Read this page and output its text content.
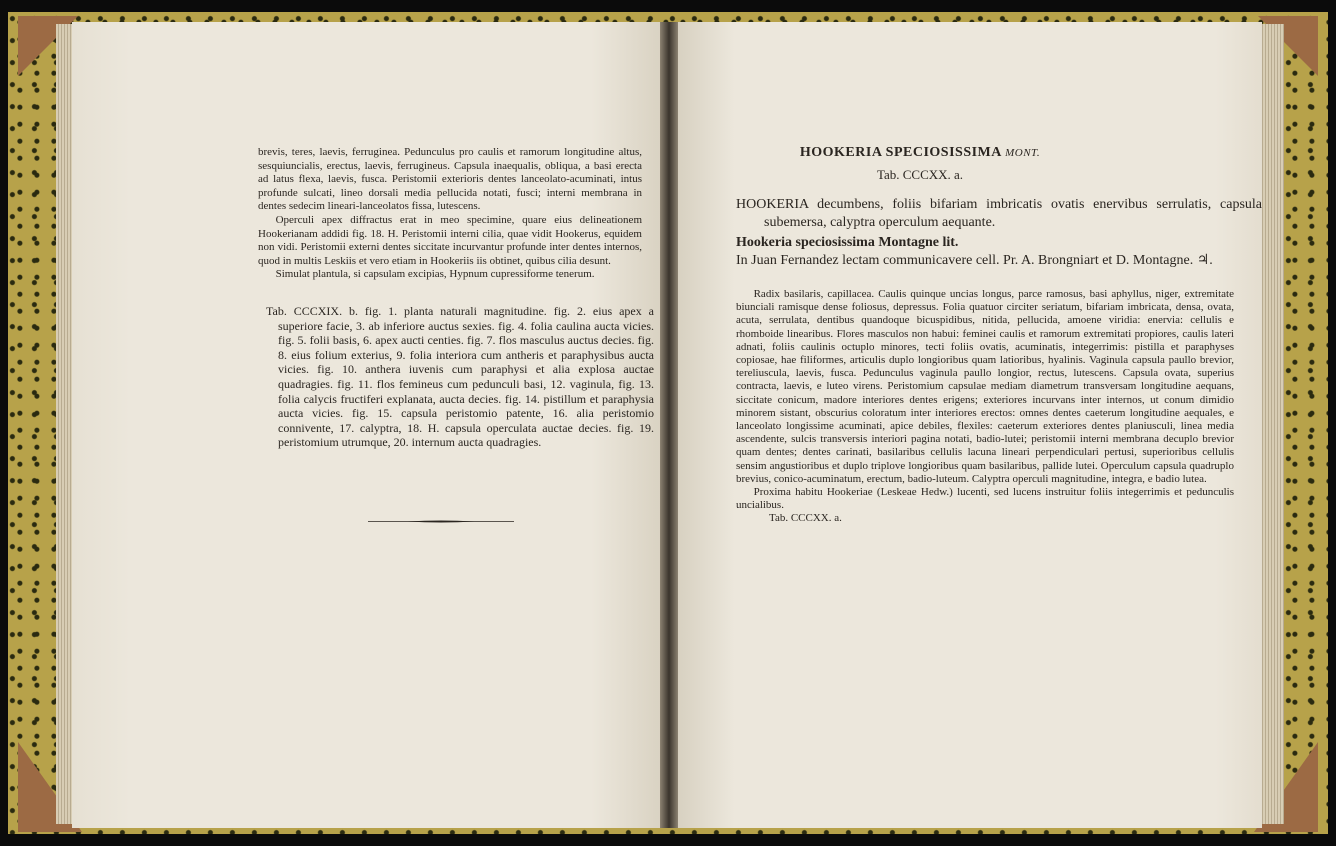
brevis, teres, laevis, ferruginea. Pedunculus pro caulis et ramorum longitudine altus, sesquiuncialis, erectus, laevis, ferrugineus. Capsula inaequalis, obliqua, a basi erecta ad latus flexa, laevis, fusca. Peristomii exterioris dentes lanceolato-acuminati, intus profunde sulcati, lineo dorsali media pellucida notati, fusci; interni membrana in dentes sedecim lineari-lanceolatos fissa, lutescens.

Operculi apex diffractus erat in meo specimine, quare eius delineationem Hookerianam addidi fig. 18. H. Peristomii interni cilia, quae vidit Hookerus, equidem non vidi. Peristomii externi dentes siccitate incurvantur profunde inter dentes internos, quod in multis Leskiis et vero etiam in Hookeriis iis obtinet, quibus cilia desunt.

Simulat plantula, si capsulam excipias, Hypnum cupressiforme tenerum.

Tab. CCCXIX. b. fig. 1. planta naturali magnitudine. fig. 2. eius apex a superiore facie, 3. ab inferiore auctus sexies. fig. 4. folia caulina aucta vicies. fig. 5. folii basis, 6. apex aucti centies. fig. 7. flos masculus auctus decies. fig. 8. eius folium exterius, 9. folia interiora cum antheris et paraphysibus aucta vicies. fig. 10. anthera iuvenis cum paraphysi et alia explosa auctae quadragies. fig. 11. flos femineus cum pedunculi basi, 12. vaginula, fig. 13. folia calycis fructiferi explanata, aucta decies. fig. 14. pistillum et paraphysia aucta vicies. fig. 15. capsula peristomio patente, 16. alia peristomio connivente, 17. calyptra, 18. H. capsula operculata auctae decies. fig. 19. peristomium utrumque, 20. internum aucta quadragies.
HOOKERIA SPECIOSISSIMA MONT.
Tab. CCCXX. a.
HOOKERIA decumbens, foliis bifariam imbricatis ovatis enervibus serrulatis, capsula subemersa, calyptra operculum aequante.
Hookeria speciosissima Montagne lit.
In Juan Fernandez lectam communicavere cell. Pr. A. Brongniart et D. Montagne. ♃.

Radix basilaris, capillacea. Caulis quinque uncias longus, parce ramosus, basi aphyllus, niger, extremitate biunciali ramisque dense foliosus, depressus. Folia quatuor circiter seriatum, bifariam imbricata, densa, ovata, acuta, serrulata, dentibus quandoque bicuspidibus, nitida, pellucida, amoene viridia: enervia: cellulis e rhomboide linearibus. Flores masculos non habui: feminei caulis et ramorum extremitati propiores, caulis lateri adnati, foliis caulinis octuplo minores, tecti foliis ovatis, acuminatis, integerrimis: pistilla et paraphyses copiosae, hae filiformes, articulis duplo longioribus quam latioribus, hyalinis. Vaginula capsula paullo brevior, tereliuscula, laevis, fusca. Pedunculus vaginula paullo longior, rectus, lutescens. Capsula ovata, superius contracta, laevis, e luteo virens. Peristomium capsulae mediam diametrum transversam longitudine aequans, siccitate conicum, madore interiores dentes erigens; exteriores incurvans inter internos, ut conum dimidio minorem sistant, obscurius coloratum inter interiores erectos: omnes dentes caeterum longitudine aequales, e lanceolato longissime acuminati, apice debiles, flexiles: caeterum exteriores dentes planiusculi, linea media ascendente, sulcis transversis interiori pagina notati, badio-lutei; peristomii interni membrana decuplo brevior quam dentes; dentes carinati, basilaribus cellulis lacuna lineari perpendiculari pertusi, superioribus cellulis sensim angustioribus et duplo triplove longioribus quam basilaribus, pallide lutei. Operculum capsula quadruplo brevius, conico-acuminatum, erectum, badio-luteum. Calyptra operculi magnitudine, integra, e badio lutea.

Proxima habitu Hookeriae (Leskeae Hedw.) lucenti, sed lucens instruitur foliis integerrimis et pedunculis uncialibus.

Tab. CCCXX. a.
